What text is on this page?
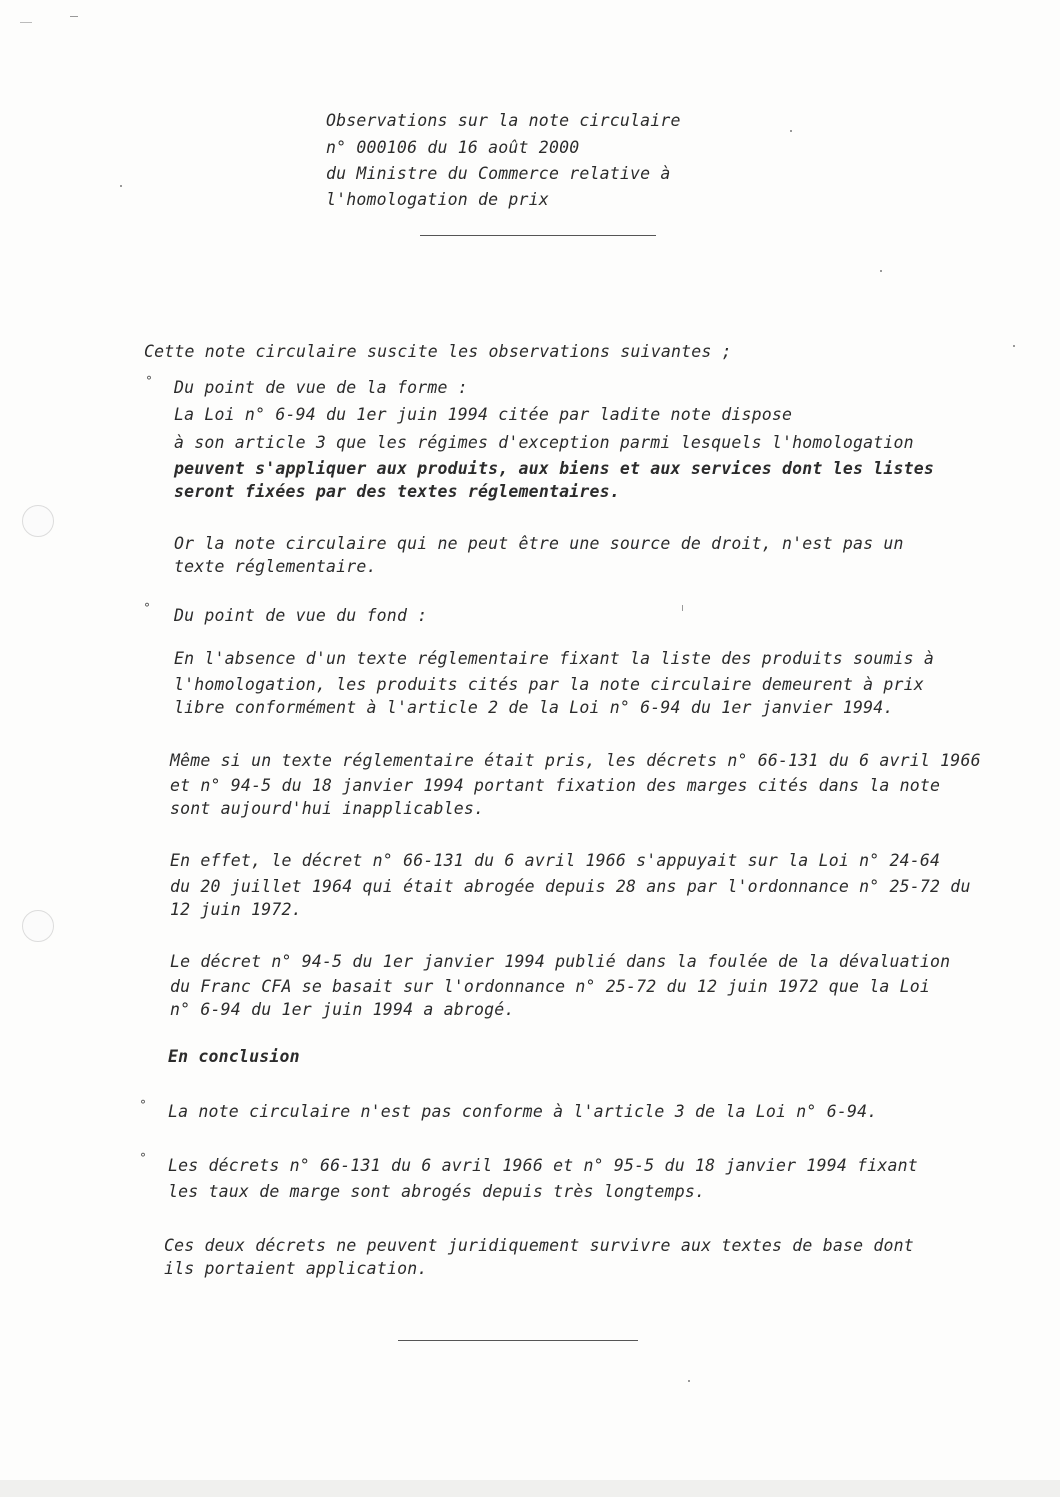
Observations sur la note circulaire
n° 000106 du 16 août 2000
du Ministre du Commerce relative à
l'homologation de prix
Cette note circulaire suscite les observations suivantes ;
° Du point de vue de la forme :
La Loi n° 6-94 du 1er juin 1994 citée par ladite note dispose
à son article 3 que les régimes d'exception parmi lesquels l'homologation
peuvent s'appliquer aux produits, aux biens et aux services dont les listes
seront fixées par des textes réglementaires.
Or la note circulaire qui ne peut être une source de droit, n'est pas un
texte réglementaire.
° Du point de vue du fond :
En l'absence d'un texte réglementaire fixant la liste des produits soumis à
l'homologation, les produits cités par la note circulaire demeurent à prix
libre conformément à l'article 2 de la Loi n° 6-94 du 1er janvier 1994.
Même si un texte réglementaire était pris, les décrets n° 66-131 du 6 avril 1966
et n° 94-5 du 18 janvier 1994 portant fixation des marges cités dans la note
sont aujourd'hui inapplicables.
En effet, le décret n° 66-131 du 6 avril 1966 s'appuyait sur la Loi n° 24-64
du 20 juillet 1964 qui était abrogée depuis 28 ans par l'ordonnance n° 25-72 du
12 juin 1972.
Le décret n° 94-5 du 1er janvier 1994 publié dans la foulée de la dévaluation
du Franc CFA se basait sur l'ordonnance n° 25-72 du 12 juin 1972 que la Loi
n° 6-94 du 1er juin 1994 a abrogé.
En conclusion
° La note circulaire n'est pas conforme à l'article 3 de la Loi n° 6-94.
° Les décrets n° 66-131 du 6 avril 1966 et n° 95-5 du 18 janvier 1994 fixant
les taux de marge sont abrogés depuis très longtemps.
Ces deux décrets ne peuvent juridiquement survivre aux textes de base dont
ils portaient application.
